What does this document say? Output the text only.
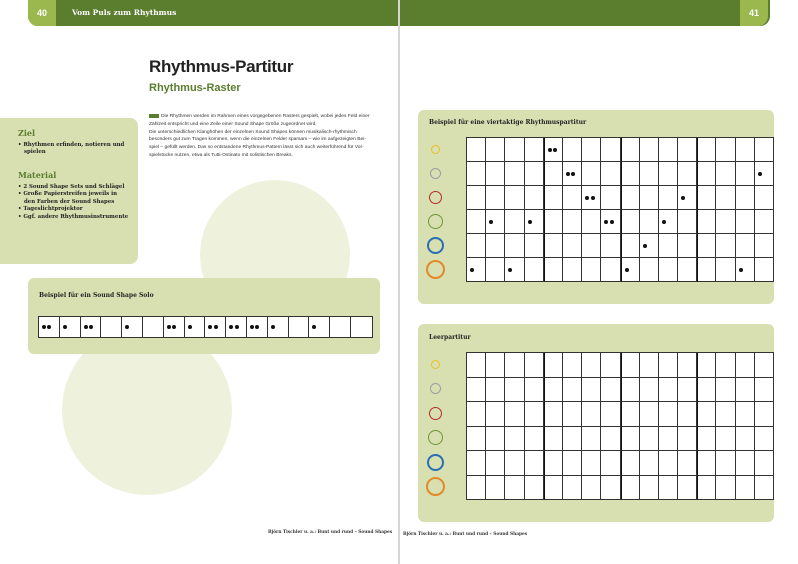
40	Vom Puls zum Rhythmus
Rhythmus-Partitur
Rhythmus-Raster
Die Rhythmen werden im Rahmen eines vorgegebenen Rasters gespielt, wobei jedes Feld einer
Zählzeit entspricht und eine Zeile einer Sound Shape Größe zugeordnet wird.
Die unterschiedlichen Klanghöhen der einzelnen Sound Shapes können musikalisch-rhythmisch
besonders gut zum Tragen kommen, wenn die einzelnen Felder sparsam – wie im aufgezeigten Bei-
spiel – gefüllt werden. Das so entstandene Rhythmus-Pattern lässt sich auch weiterführend für Vor-
spielstücke nutzen, etwa als Tutti-Ostinato mit solistischen Breaks.
Ziel
• Rhythmen erfinden, notieren und spielen
Material
• 2 Sound Shape Sets und Schlägel
• Große Papierstreifen jeweils in den Farben der Sound Shapes
• Tageslichtprojektor
• Ggf. andere Rhythmusinstrumente
Beispiel für ein Sound Shape Solo
Björn Tischler u. a.: Bunt und rund – Sound Shapes
41
Beispiel für eine viertaktige Rhythmuspartitur
Leerpartitur
Björn Tischler u. a.: Bunt und rund – Sound Shapes
